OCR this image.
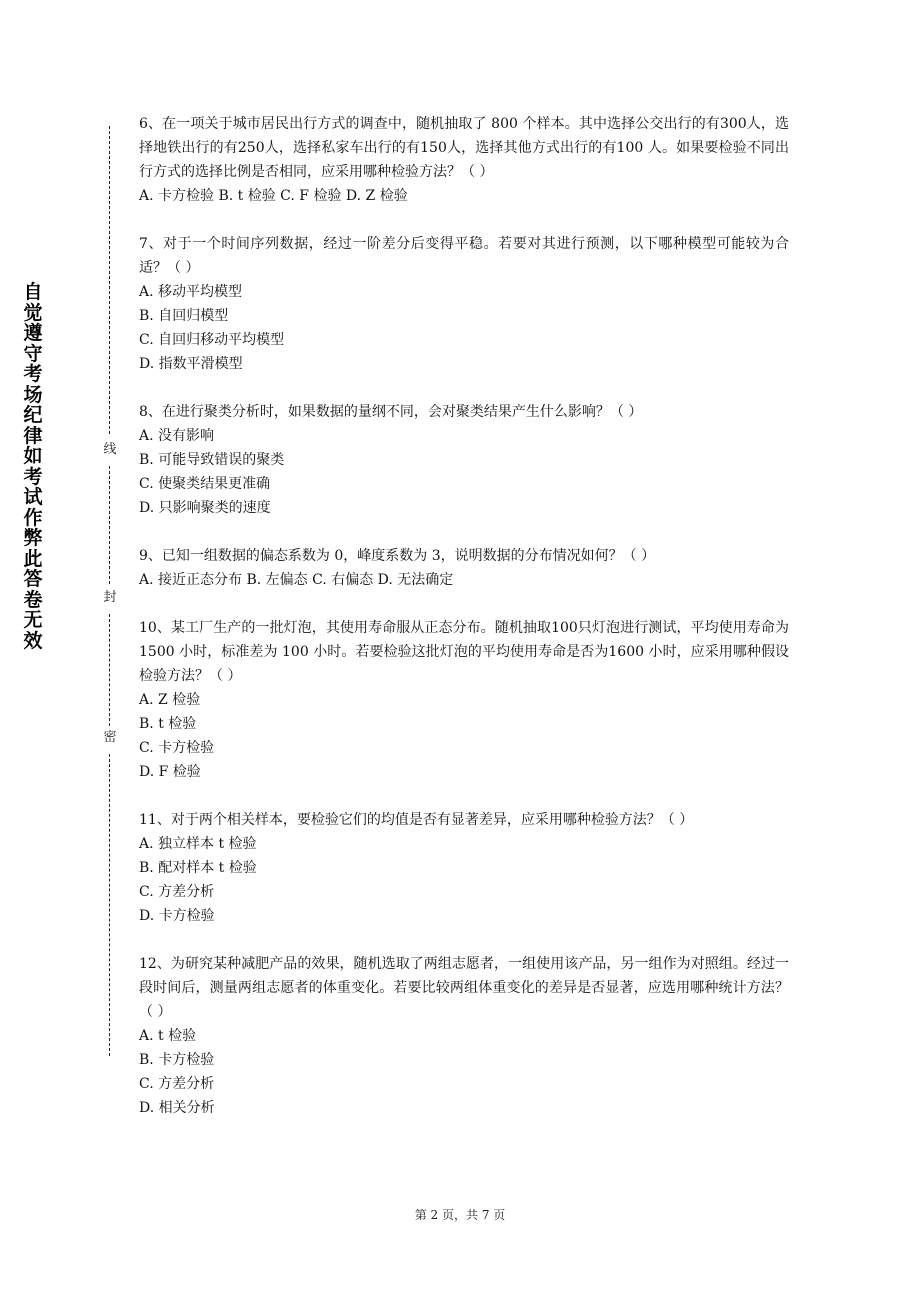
自觉遵守考场纪律如考试作弊此答卷无效
线
封
密
6、在一项关于城市居民出行方式的调查中，随机抽取了 800 个样本。其中选择公交出行的有300人，选择地铁出行的有250人，选择私家车出行的有150人，选择其他方式出行的有100 人。如果要检验不同出行方式的选择比例是否相同，应采用哪种检验方法？（ ）
A. 卡方检验 B. t 检验 C. F 检验 D. Z 检验
7、对于一个时间序列数据，经过一阶差分后变得平稳。若要对其进行预测，以下哪种模型可能较为合适？（ ）
A. 移动平均模型
B. 自回归模型
C. 自回归移动平均模型
D. 指数平滑模型
8、在进行聚类分析时，如果数据的量纲不同，会对聚类结果产生什么影响？（ ）
A. 没有影响
B. 可能导致错误的聚类
C. 使聚类结果更准确
D. 只影响聚类的速度
9、已知一组数据的偏态系数为 0，峰度系数为 3，说明数据的分布情况如何？（ ）
A. 接近正态分布 B. 左偏态 C. 右偏态 D. 无法确定
10、某工厂生产的一批灯泡，其使用寿命服从正态分布。随机抽取100只灯泡进行测试，平均使用寿命为 1500 小时，标准差为 100 小时。若要检验这批灯泡的平均使用寿命是否为1600 小时，应采用哪种假设检验方法？（ ）
A. Z 检验
B. t 检验
C. 卡方检验
D. F 检验
11、对于两个相关样本，要检验它们的均值是否有显著差异，应采用哪种检验方法？（ ）
A. 独立样本 t 检验
B. 配对样本 t 检验
C. 方差分析
D. 卡方检验
12、为研究某种减肥产品的效果，随机选取了两组志愿者，一组使用该产品，另一组作为对照组。经过一段时间后，测量两组志愿者的体重变化。若要比较两组体重变化的差异是否显著，应选用哪种统计方法？（ ）
A. t 检验
B. 卡方检验
C. 方差分析
D. 相关分析
第 2 页，共 7 页
